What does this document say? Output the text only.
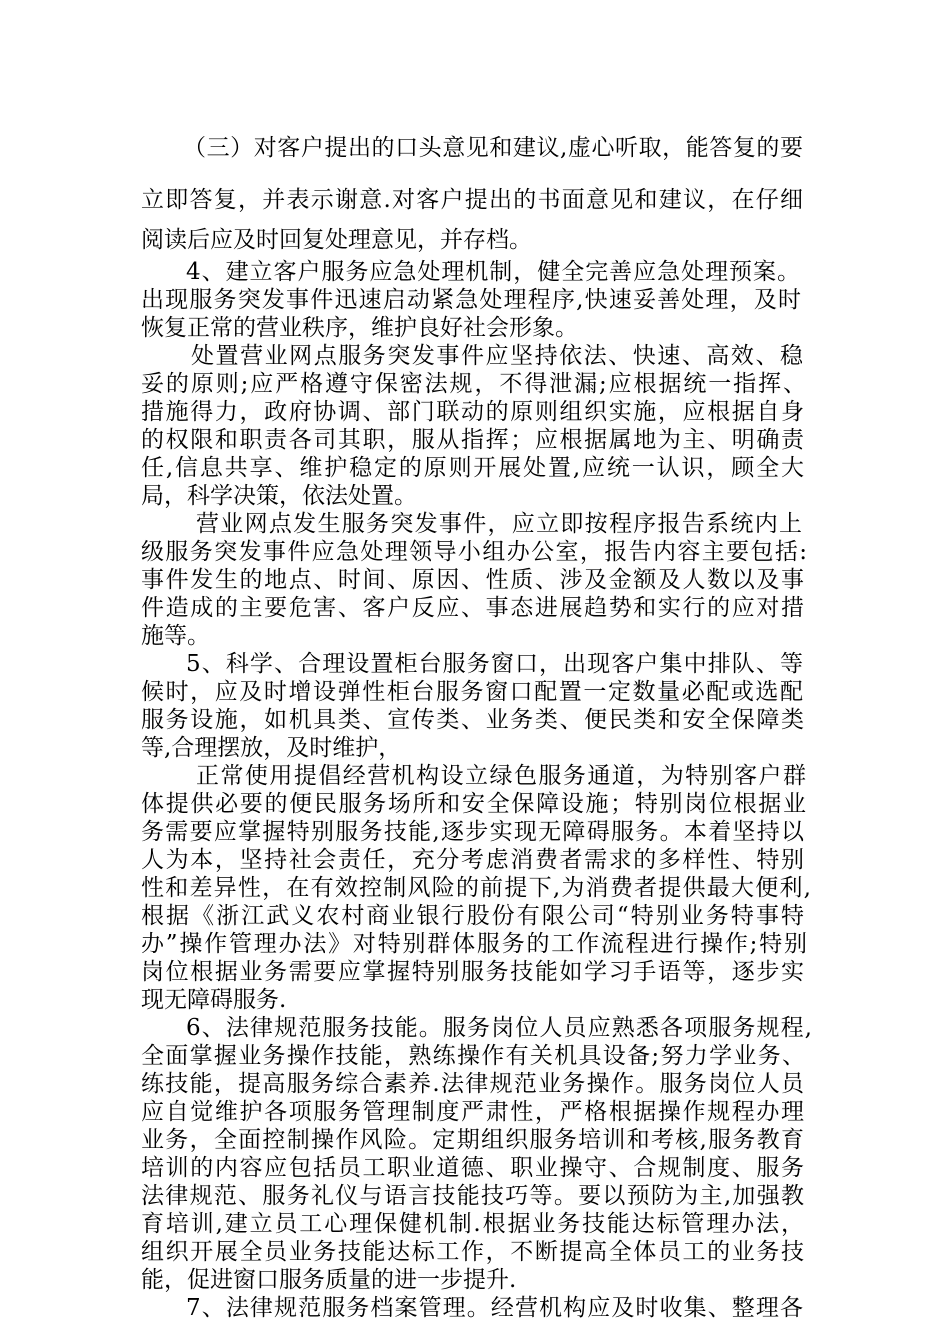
（三）对客户提出的口头意见和建议,虚心听取，能答复的要
立即答复，并表示谢意.对客户提出的书面意见和建议，在仔细
阅读后应及时回复处理意见，并存档。
4、建立客户服务应急处理机制，健全完善应急处理预案。
出现服务突发事件迅速启动紧急处理程序,快速妥善处理，及时
恢复正常的营业秩序，维护良好社会形象。
处置营业网点服务突发事件应坚持依法、快速、高效、稳
妥的原则;应严格遵守保密法规，不得泄漏;应根据统一指挥、
措施得力，政府协调、部门联动的原则组织实施，应根据自身
的权限和职责各司其职，服从指挥；应根据属地为主、明确责
任,信息共享、维护稳定的原则开展处置,应统一认识，顾全大
局，科学决策，依法处置。
营业网点发生服务突发事件，应立即按程序报告系统内上
级服务突发事件应急处理领导小组办公室，报告内容主要包括:
事件发生的地点、时间、原因、性质、涉及金额及人数以及事
件造成的主要危害、客户反应、事态进展趋势和实行的应对措
施等。
5、科学、合理设置柜台服务窗口，出现客户集中排队、等
候时，应及时增设弹性柜台服务窗口配置一定数量必配或选配
服务设施，如机具类、宣传类、业务类、便民类和安全保障类
等,合理摆放，及时维护，
正常使用提倡经营机构设立绿色服务通道，为特别客户群
体提供必要的便民服务场所和安全保障设施；特别岗位根据业
务需要应掌握特别服务技能,逐步实现无障碍服务。本着坚持以
人为本，坚持社会责任，充分考虑消费者需求的多样性、特别
性和差异性，在有效控制风险的前提下,为消费者提供最大便利,
根据《浙江武义农村商业银行股份有限公司“特别业务特事特
办”操作管理办法》对特别群体服务的工作流程进行操作;特别
岗位根据业务需要应掌握特别服务技能如学习手语等，逐步实
现无障碍服务.
6、法律规范服务技能。服务岗位人员应熟悉各项服务规程,
全面掌握业务操作技能，熟练操作有关机具设备;努力学业务、
练技能，提高服务综合素养.法律规范业务操作。服务岗位人员
应自觉维护各项服务管理制度严肃性，严格根据操作规程办理
业务，全面控制操作风险。定期组织服务培训和考核,服务教育
培训的内容应包括员工职业道德、职业操守、合规制度、服务
法律规范、服务礼仪与语言技能技巧等。要以预防为主,加强教
育培训,建立员工心理保健机制.根据业务技能达标管理办法，
组织开展全员业务技能达标工作，不断提高全体员工的业务技
能，促进窗口服务质量的进一步提升.
7、法律规范服务档案管理。经营机构应及时收集、整理各
